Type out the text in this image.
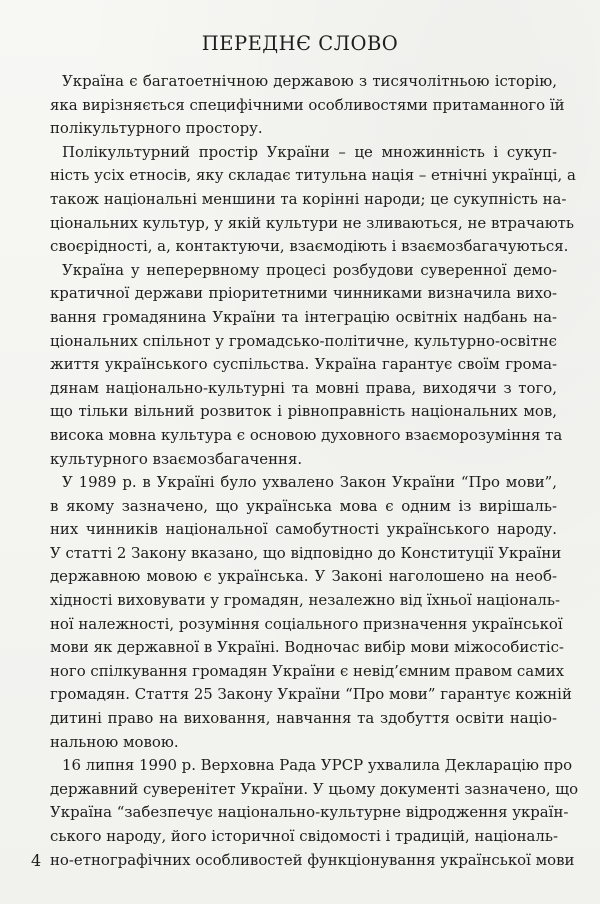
ПЕРЕДНЄ СЛОВО
Україна є багатоетнічною державою з тисячолітньою історію,
яка вирізняється специфічними особливостями притаманного їй
полікультурного простору.
Полікультурний простір України – це множинність і сукуп-
ність усіх етносів, яку складає титульна нація – етнічні українці, а
також національні меншини та корінні народи; це сукупність на-
ціональних культур, у якій культури не зливаються, не втрачають
своєрідності, а, контактуючи, взаємодіють і взаємозбагачуються.
Україна у неперервному процесі розбудови суверенної демо-
кратичної держави пріоритетними чинниками визначила вихо-
вання громадянина України та інтеграцію освітніх надбань на-
ціональних спільнот у громадсько-політичне, культурно-освітнє
життя українського суспільства. Україна гарантує своїм грома-
дянам національно-культурні та мовні права, виходячи з того,
що тільки вільний розвиток і рівноправність національних мов,
висока мовна культура є основою духовного взаєморозуміння та
культурного взаємозбагачення.
У 1989 р. в Україні було ухвалено Закон України “Про мови”,
в якому зазначено, що українська мова є одним із вирішаль-
них чинників національної самобутності українського народу.
У статті 2 Закону вказано, що відповідно до Конституції України
державною мовою є українська. У Законі наголошено на необ-
хідності виховувати у громадян, незалежно від їхньої національ-
ної належності, розуміння соціального призначення української
мови як державної в Україні. Водночас вибір мови міжособистіс-
ного спілкування громадян України є невід’ємним правом самих
громадян. Стаття 25 Закону України “Про мови” гарантує кожній
дитині право на виховання, навчання та здобуття освіти націо-
нальною мовою.
16 липня 1990 р. Верховна Рада УРСР ухвалила Декларацію про
державний суверенітет України. У цьому документі зазначено, що
Україна “забезпечує національно-культурне відродження україн-
ського народу, його історичної свідомості і традицій, національ-
но-етнографічних особливостей функціонування української мови
4
